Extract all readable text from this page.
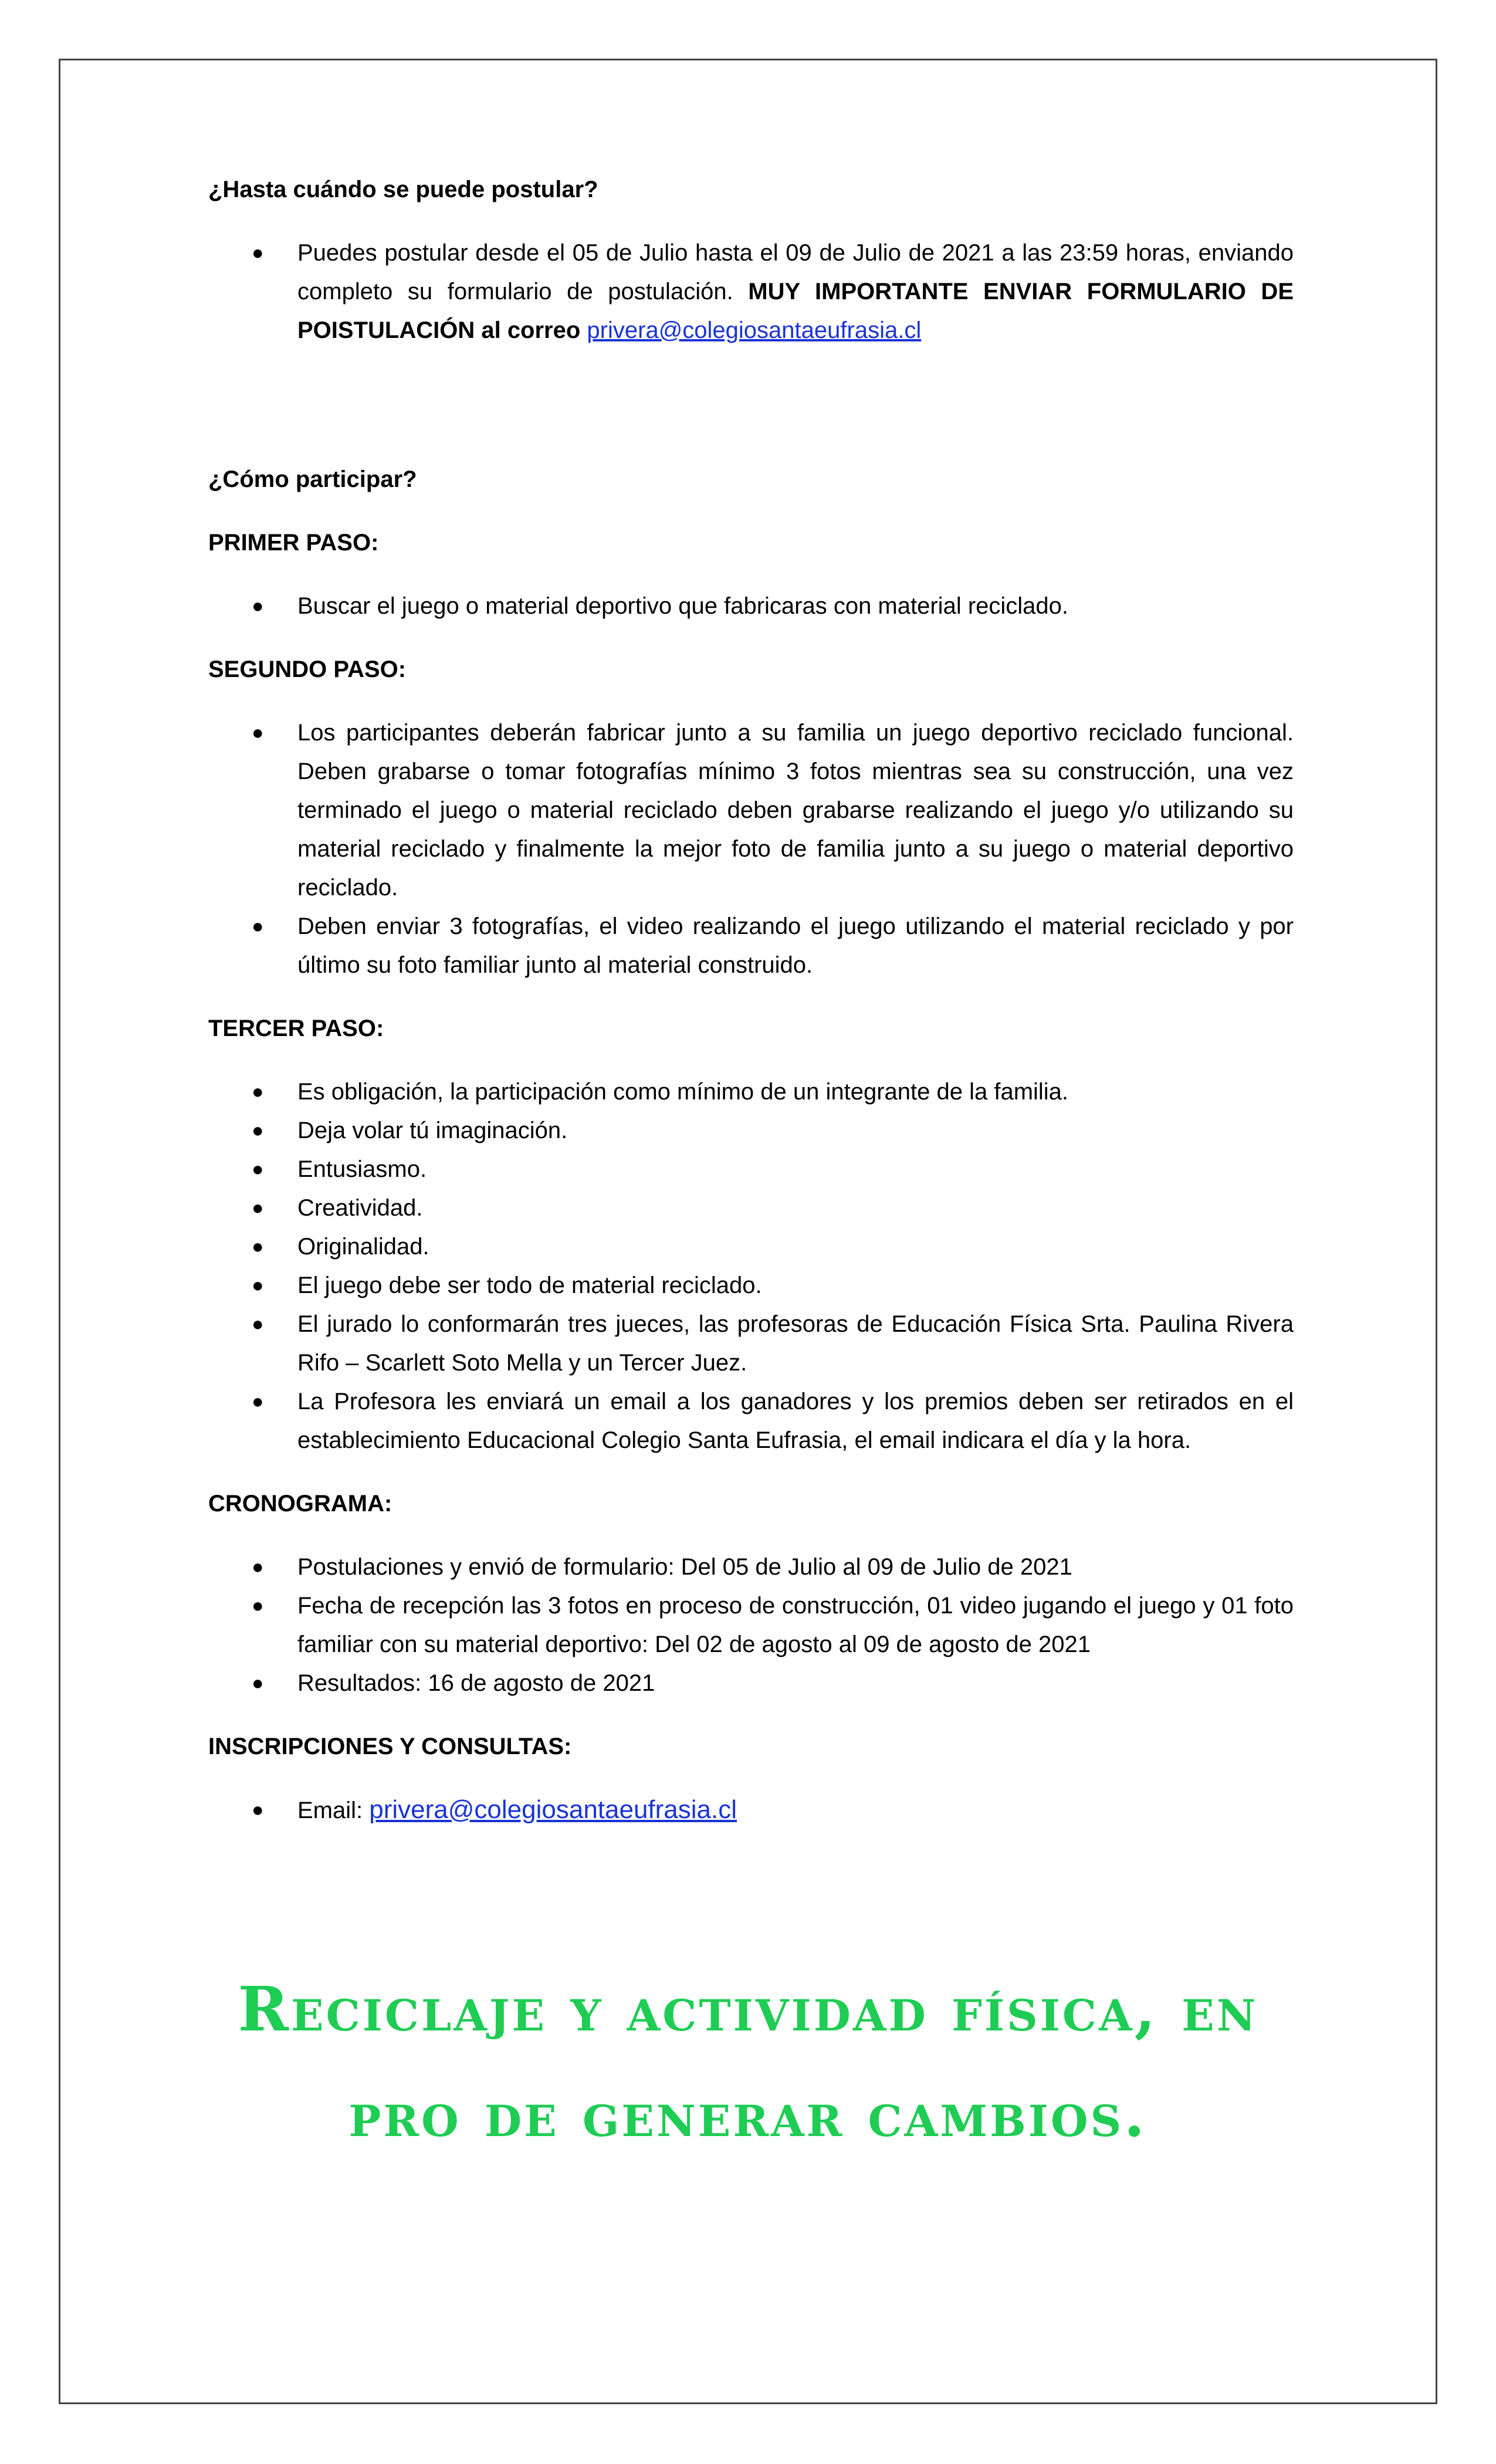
¿Hasta cuándo se puede postular?

● Puedes postular desde el 05 de Julio hasta el 09 de Julio de 2021 a las 23:59 horas, enviando completo su formulario de postulación. MUY IMPORTANTE ENVIAR FORMULARIO DE POISTULACIÓN al correo privera@colegiosantaeufrasia.cl

¿Cómo participar?

PRIMER PASO:

● Buscar el juego o material deportivo que fabricaras con material reciclado.

SEGUNDO PASO:

● Los participantes deberán fabricar junto a su familia un juego deportivo reciclado funcional. Deben grabarse o tomar fotografías mínimo 3 fotos mientras sea su construcción, una vez terminado el juego o material reciclado deben grabarse realizando el juego y/o utilizando su material reciclado y finalmente la mejor foto de familia junto a su juego o material deportivo reciclado.
● Deben enviar 3 fotografías, el video realizando el juego utilizando el material reciclado y por último su foto familiar junto al material construido.

TERCER PASO:

● Es obligación, la participación como mínimo de un integrante de la familia.
● Deja volar tú imaginación.
● Entusiasmo.
● Creatividad.
● Originalidad.
● El juego debe ser todo de material reciclado.
● El jurado lo conformarán tres jueces, las profesoras de Educación Física Srta. Paulina Rivera Rifo – Scarlett Soto Mella y un Tercer Juez.
● La Profesora les enviará un email a los ganadores y los premios deben ser retirados en el establecimiento Educacional Colegio Santa Eufrasia, el email indicara el día y la hora.

CRONOGRAMA:

● Postulaciones y envió de formulario: Del 05 de Julio al 09 de Julio de 2021
● Fecha de recepción las 3 fotos en proceso de construcción, 01 video jugando el juego y 01 foto familiar con su material deportivo: Del 02 de agosto al 09 de agosto de 2021
● Resultados: 16 de agosto de 2021

INSCRIPCIONES Y CONSULTAS:

● Email: privera@colegiosantaeufrasia.cl
Reciclaje y actividad física, en
pro de generar cambios.
